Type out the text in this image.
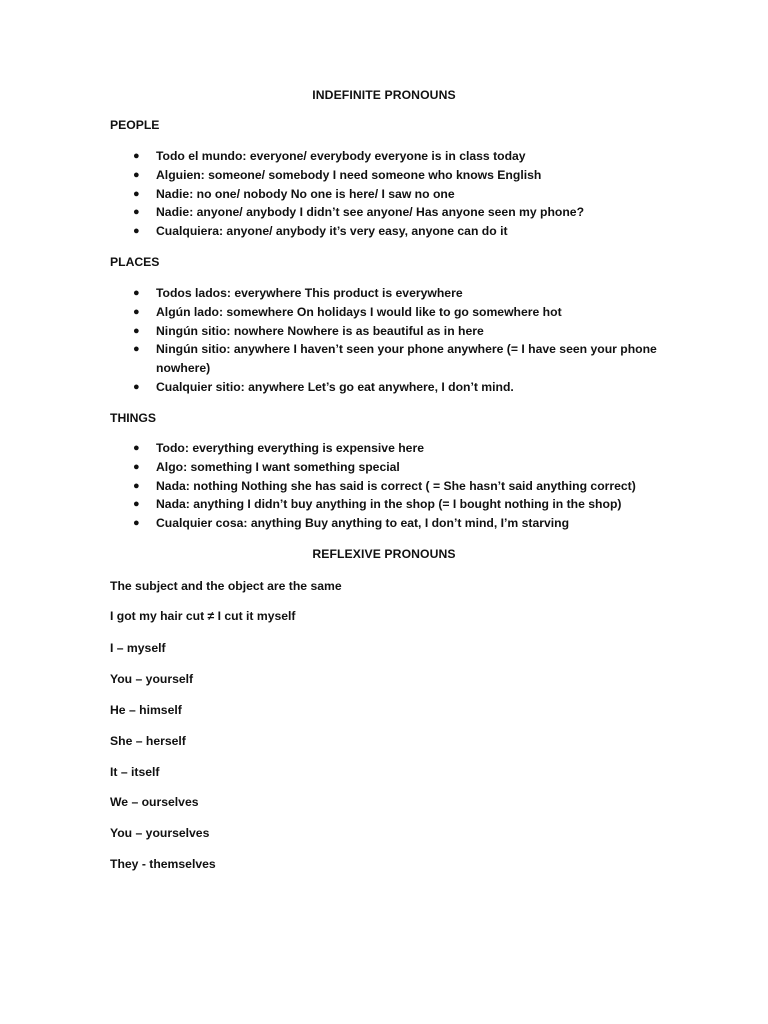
INDEFINITE PRONOUNS
PEOPLE
● Todo el mundo: everyone/ everybody everyone is in class today
● Alguien: someone/ somebody I need someone who knows English
● Nadie: no one/ nobody No one is here/ I saw no one
● Nadie: anyone/ anybody I didn’t see anyone/ Has anyone seen my phone?
● Cualquiera: anyone/ anybody it’s very easy, anyone can do it
PLACES
● Todos lados: everywhere This product is everywhere
● Algún lado: somewhere On holidays I would like to go somewhere hot
● Ningún sitio: nowhere Nowhere is as beautiful as in here
● Ningún sitio: anywhere I haven’t seen your phone anywhere (= I have seen your phone nowhere)
● Cualquier sitio: anywhere Let’s go eat anywhere, I don’t mind.
THINGS
● Todo: everything everything is expensive here
● Algo: something I want something special
● Nada: nothing Nothing she has said is correct ( = She hasn’t said anything correct)
● Nada: anything I didn’t buy anything in the shop (= I bought nothing in the shop)
● Cualquier cosa: anything Buy anything to eat, I don’t mind, I’m starving
REFLEXIVE PRONOUNS
The subject and the object are the same
I got my hair cut ≠ I cut it myself
I – myself
You – yourself
He – himself
She – herself
It – itself
We – ourselves
You – yourselves
They - themselves
